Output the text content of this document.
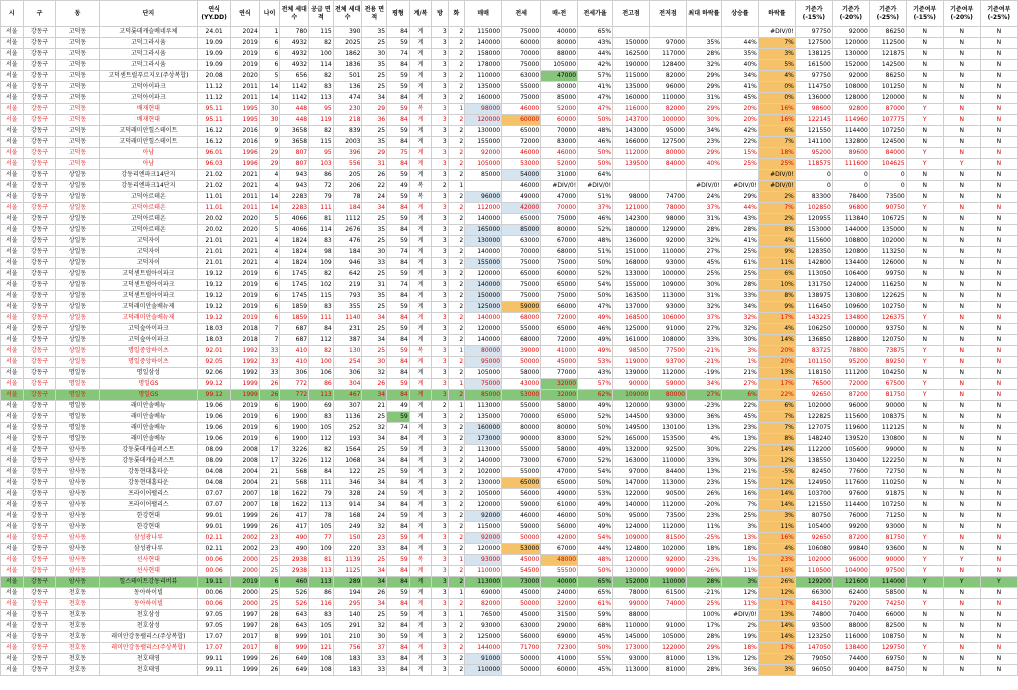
시	구	동	단지	연식 (YY.DD)	연식	나이	전체 세대수	공급 면적	전체 세대수	전용 면적	평형	계/복	방	화	매매	전세	매-전	전세가율	전고점	전저점	최대 하락률	상승률	하락률	기준가 (-15%)	기준가 (-20%)	기준가 (-25%)	기준여부 (-15%)	기준여부 (-20%)	기준여부 (-25%)
서울	강동구	고덕동	고덕롯데캐슬베네루체	24.01	2024	1	780	115	390	35	84	계	3	2	115000	75000	40000	65%					#DIV/0!	97750	92000	86250	N	N	N
서울	강동구	고덕동	고덕그라시움	19.09	2019	6	4932	82	2025	25	59	계	3	2	140000	60000	80000	43%	150000	97000	35%	44%	7%	127500	120000	112500	N	N	N
서울	강동구	고덕동	고덕그라시움	19.09	2019	6	4932	100	1862	30	74	계	3	2	158000	70000	88000	44%	162500	117000	28%	35%	3%	138125	130000	121875	N	N	N
서울	강동구	고덕동	고덕그라시움	19.09	2019	6	4932	114	1836	35	84	계	3	2	178000	75000	105000	42%	190000	128400	32%	40%	5%	161500	152000	142500	N	N	N
서울	강동구	고덕동	고덕센트럴푸르지오(주상복합)	20.08	2020	5	656	82	501	25	59	계	3	2	110000	63000	47000	57%	115000	82000	29%	34%	4%	97750	92000	86250	N	N	N
서울	강동구	고덕동	고덕아이파크	11.12	2011	14	1142	83	136	25	59	계	3	2	135000	55000	80000	41%	135000	96000	29%	41%	0%	114750	108000	101250	N	N	N
서울	강동구	고덕동	고덕아이파크	11.12	2011	14	1142	113	474	34	84	계	3	2	160000	75000	85000	47%	160000	110000	31%	45%	0%	136000	128000	120000	N	N	N
서울	강동구	고덕동	배재현대	95.11	1995	30	448	95	230	29	59	복	3	1	98000	46000	52000	47%	116000	82000	29%	20%	16%	98600	92800	87000	Y	N	N
서울	강동구	고덕동	배재현대	95.11	1995	30	448	119	218	36	84	계	3	2	120000	60000	60000	50%	143700	100000	30%	20%	16%	122145	114960	107775	Y	N	N
서울	강동구	고덕동	고덕래미안힐스테이트	16.12	2016	9	3658	82	839	25	59	계	3	2	130000	65000	70000	48%	143000	95000	34%	42%	6%	121550	114400	107250	N	N	N
서울	강동구	고덕동	고덕래미안힐스테이트	16.12	2016	9	3658	115	2003	35	84	계	3	2	155000	72000	83000	46%	166000	127500	23%	22%	7%	141100	132800	124500	N	N	N
서울	강동구	고덕동	아남	96.01	1996	29	807	95	396	29	75	계	3	2	92000	46000	46000	50%	112000	80000	29%	15%	18%	95200	89600	84000	Y	N	N
서울	강동구	고덕동	아남	96.03	1996	29	807	103	556	31	84	계	3	2	105000	53000	52000	50%	139500	84000	40%	25%	25%	118575	111600	104625	Y	Y	N
서울	강동구	상일동	강동리엔파크14단지	21.02	2021	4	943	86	205	26	59	계	3	2	85000	54000	31000	64%					#DIV/0!	0	0	0	N	N	N
서울	강동구	상일동	강동리엔파크14단지	21.02	2021	4	943	72	206	22	49	복	2	1		46000	#DIV/0!	#DIV/0!			#DIV/0!	#DIV/0!	#DIV/0!	0	0	0	N	N	N
서울	강동구	상일동	고덕아르테온	11.01	2011	14	2283	79	78	24	59	복	3	2	96000	49000	47000	51%	98000	74700	24%	29%	2%	83300	78400	73500	N	N	N
서울	강동구	상일동	고덕아르테온	11.01	2011	14	2283	111	184	34	84	계	3	2	112000	42000	70000	37%	121000	78000	37%	44%	7%	102850	96800	90750	Y	N	N
서울	강동구	상일동	고덕아르테온	20.02	2020	5	4066	81	1112	25	59	계	3	2	140000	65000	75000	46%	142300	98000	31%	43%	2%	120955	113840	106725	N	N	N
서울	강동구	상일동	고덕아르테온	20.02	2020	5	4066	114	2676	35	84	계	3	2	165000	85000	80000	52%	180000	129000	28%	28%	8%	153000	144000	135000	N	N	N
서울	강동구	상일동	고덕자이	21.01	2021	4	1824	83	476	25	59	계	3	2	130000	63000	67000	48%	136000	92000	32%	41%	4%	115600	108800	102000	N	N	N
서울	강동구	상일동	고덕자이	21.01	2021	4	1824	98	184	30	74	계	3	2	140000	70000	68000	51%	151000	110000	27%	25%	9%	128350	120800	113250	N	N	N
서울	강동구	상일동	고덕자이	21.01	2021	4	1824	109	946	33	84	계	3	2	155000	75000	75000	50%	168000	93000	45%	61%	11%	142800	134400	126000	N	N	N
서울	강동구	상일동	고덕센트럴아이파크	19.12	2019	6	1745	82	642	25	59	계	3	2	120000	65000	60000	52%	133000	100000	25%	25%	6%	113050	106400	99750	N	N	N
서울	강동구	상일동	고덕센트럴아이파크	19.12	2019	6	1745	102	219	31	74	계	3	2	140000	75000	65000	54%	155000	109000	30%	28%	10%	131750	124000	116250	N	N	N
서울	강동구	상일동	고덕센트럴아이파크	19.12	2019	6	1745	115	793	35	84	계	3	2	150000	75000	75000	50%	163500	113000	31%	33%	8%	138975	130800	122625	N	N	N
서울	강동구	상일동	고덕래미안솔베뉴제	19.12	2019	6	1859	83	355	25	59	계	3	2	125000	59000	66000	47%	137000	93000	32%	34%	9%	116450	109600	102750	N	N	N
서울	강동구	상일동	고덕래미안솔베뉴제	19.12	2019	6	1859	111	1140	34	84	계	3	2	140000	68000	72000	49%	168500	106000	37%	32%	17%	143225	134800	126375	Y	N	N
서울	강동구	상일동	고덕숲아이파크	18.03	2018	7	687	84	231	25	59	계	3	2	120000	55000	65000	46%	125000	91000	27%	32%	4%	106250	100000	93750	N	N	N
서울	강동구	상일동	고덕숲아이파크	18.03	2018	7	687	112	387	34	84	계	3	2	140000	68000	72000	49%	161000	108000	33%	30%	14%	136850	128800	120750	N	N	N
서울	강동구	상일동	명일중앙하이츠	92.01	1992	33	410	82	130	25	59	복	3	1	80000	39000	41000	49%	98500	77500	-21%	3%	20%	83725	78800	73875	Y	N	N
서울	강동구	상일동	명일중앙하이츠	92.05	1992	33	410	100	254	30	84	계	3	2	95000	50000	45000	53%	119000	93700	-21%	1%	20%	101150	95200	89250	Y	N	N
서울	강동구	명일동	명일삼성	92.06	1992	33	306	106	306	32	84	계	3	2	105000	58000	77000	43%	139000	112000	-19%	21%	13%	118150	111200	104250	N	N	N
서울	강동구	명일동	명일GS	99.12	1999	26	772	86	304	26	59	계	3	1	75000	43000	32000	57%	90000	59000	34%	27%	17%	76500	72000	67500	Y	N	N
서울	강동구	명일동	명일GS	99.12	1999	26	772	113	467	34	84	계	3	2	85000	53000	32000	62%	109000	80000	27%	6%	22%	92650	87200	81750	Y	N	N
서울	강동구	명일동	래미안솔베뉴	19.06	2019	6	1900	69	307	21	49	계	2	1	113000	55000	58000	49%	120000	93000	-23%	22%	6%	102000	96000	90000	N	N	N
서울	강동구	명일동	래미안솔베뉴	19.06	2019	6	1900	83	1136	25	59	계	3	2	135000	70000	65000	52%	144500	93000	36%	45%	7%	122825	115600	108375	N	N	N
서울	강동구	명일동	래미안솔베뉴	19.06	2019	6	1900	105	252	32	74	계	3	2	160000	80000	80000	50%	149500	130100	13%	23%	7%	127075	119600	112125	N	N	N
서울	강동구	명일동	래미안솔베뉴	19.06	2019	6	1900	112	193	34	84	계	3	2	173000	90000	83000	52%	165000	153500	4%	13%	8%	148240	139520	130800	N	N	N
서울	강동구	암사동	강동롯데캐슬퍼스트	08.09	2008	17	3226	82	1564	25	59	계	3	2	113000	55000	58000	49%	132000	92500	30%	22%	14%	112200	105600	99000	N	N	N
서울	강동구	암사동	강동롯데캐슬퍼스트	08.09	2008	17	3226	112	1068	34	84	계	3	2	140000	73000	67000	52%	163000	110000	33%	30%	12%	138550	130400	122250	N	N	N
서울	강동구	암사동	강동현대홈타운	04.08	2004	21	568	84	122	25	59	계	3	2	102000	55000	47000	54%	97000	84400	13%	21%	-5%	82450	77600	72750	N	N	N
서울	강동구	암사동	강동현대홈타운	04.08	2004	21	568	111	346	34	84	계	3	2	130000	65000	65000	50%	147000	113000	23%	15%	12%	124950	117600	110250	N	N	N
서울	강동구	암사동	프라이어팰리스	07.07	2007	18	1622	79	328	24	59	계	3	2	105000	56000	49000	53%	122000	90500	26%	16%	14%	103700	97600	91875	N	N	N
서울	강동구	암사동	프라이어팰리스	07.07	2007	18	1622	113	914	34	84	계	3	2	120000	59000	61000	49%	140000	112000	-20%	7%	14%	121550	114400	107250	N	N	N
서울	강동구	암사동	한강현대	99.01	1999	26	417	78	168	24	59	계	3	2	92000	46000	46000	50%	95000	73500	23%	25%	3%	80750	76000	71250	N	N	N
서울	강동구	암사동	한강현대	99.01	1999	26	417	105	249	32	84	계	3	2	115000	59000	56000	49%	124000	112000	11%	3%	11%	105400	99200	93000	N	N	N
서울	강동구	암사동	삼성광나루	02.11	2002	23	490	77	150	23	59	계	3	2	92000	50000	42000	54%	109000	81500	-25%	13%	16%	92650	87200	81750	Y	N	N
서울	강동구	암사동	삼성광나루	02.11	2002	23	490	109	220	33	84	계	3	2	120000	53000	67000	44%	124800	102000	18%	18%	4%	106080	99840	93600	N	N	N
서울	강동구	암사동	선사현대	00.06	2000	25	2938	81	1139	25	59	복	3	1	93000	45000	48000	48%	120000	92000	-23%	1%	23%	102000	96000	90000	Y	Y	N
서울	강동구	암사동	선사현대	00.06	2000	25	2938	113	1125	34	84	계	3	2	110000	54500	55500	50%	130000	99000	-26%	11%	16%	110500	104000	97500	Y	N	N
서울	강동구	암사동	힐스테이트강동리버뷰	19.11	2019	6	460	113	289	34	84	계	3	2	113000	73000	40000	65%	152000	110000	28%	3%	26%	129200	121600	114000	Y	Y	Y
서울	강동구	천호동	동아하이빌	00.06	2000	25	526	86	194	26	59	계	3	1	69000	45000	24000	65%	78000	61500	-21%	12%	12%	66300	62400	58500	N	N	N
서울	강동구	천호동	동아하이빌	00.06	2000	25	526	116	295	34	84	계	3	2	82000	50000	32000	61%	99000	74000	25%	11%	17%	84150	79200	74250	Y	N	N
서울	강동구	천호동	천호삼성	97.05	1997	28	643	83	140	25	59	계	3	1	76500	45000	31500	59%	88000		100%	#DIV/0!	13%	74800	70400	66000	N	N	N
서울	강동구	천호동	천호삼성	97.05	1997	28	643	105	291	32	84	계	3	2	93000	63000	29000	68%	110000	91000	17%	2%	14%	93500	88000	82500	N	N	N
서울	강동구	천호동	래미안강동팰리스(주상복합)	17.07	2017	8	999	101	210	30	59	계	3	2	125000	56000	69000	45%	145000	105000	28%	19%	14%	123250	116000	108750	N	N	N
서울	강동구	천호동	래미안강동팰리스(주상복합)	17.07	2017	8	999	121	756	37	84	계	3	2	144000	71700	72300	50%	173000	122000	29%	18%	17%	147050	138400	129750	Y	N	N
서울	강동구	천호동	천호태영	99.11	1999	26	649	108	183	33	84	계	3	2	91000	50000	41000	55%	93000	81000	13%	12%	2%	79050	74400	69750	N	N	N
서울	강동구	천호동	천호태영	99.11	1999	26	649	108	183	33	84	계	3	2	110000	50000	60000	45%	113000	81000	28%	36%	3%	96050	90400	84750	N	N	N
